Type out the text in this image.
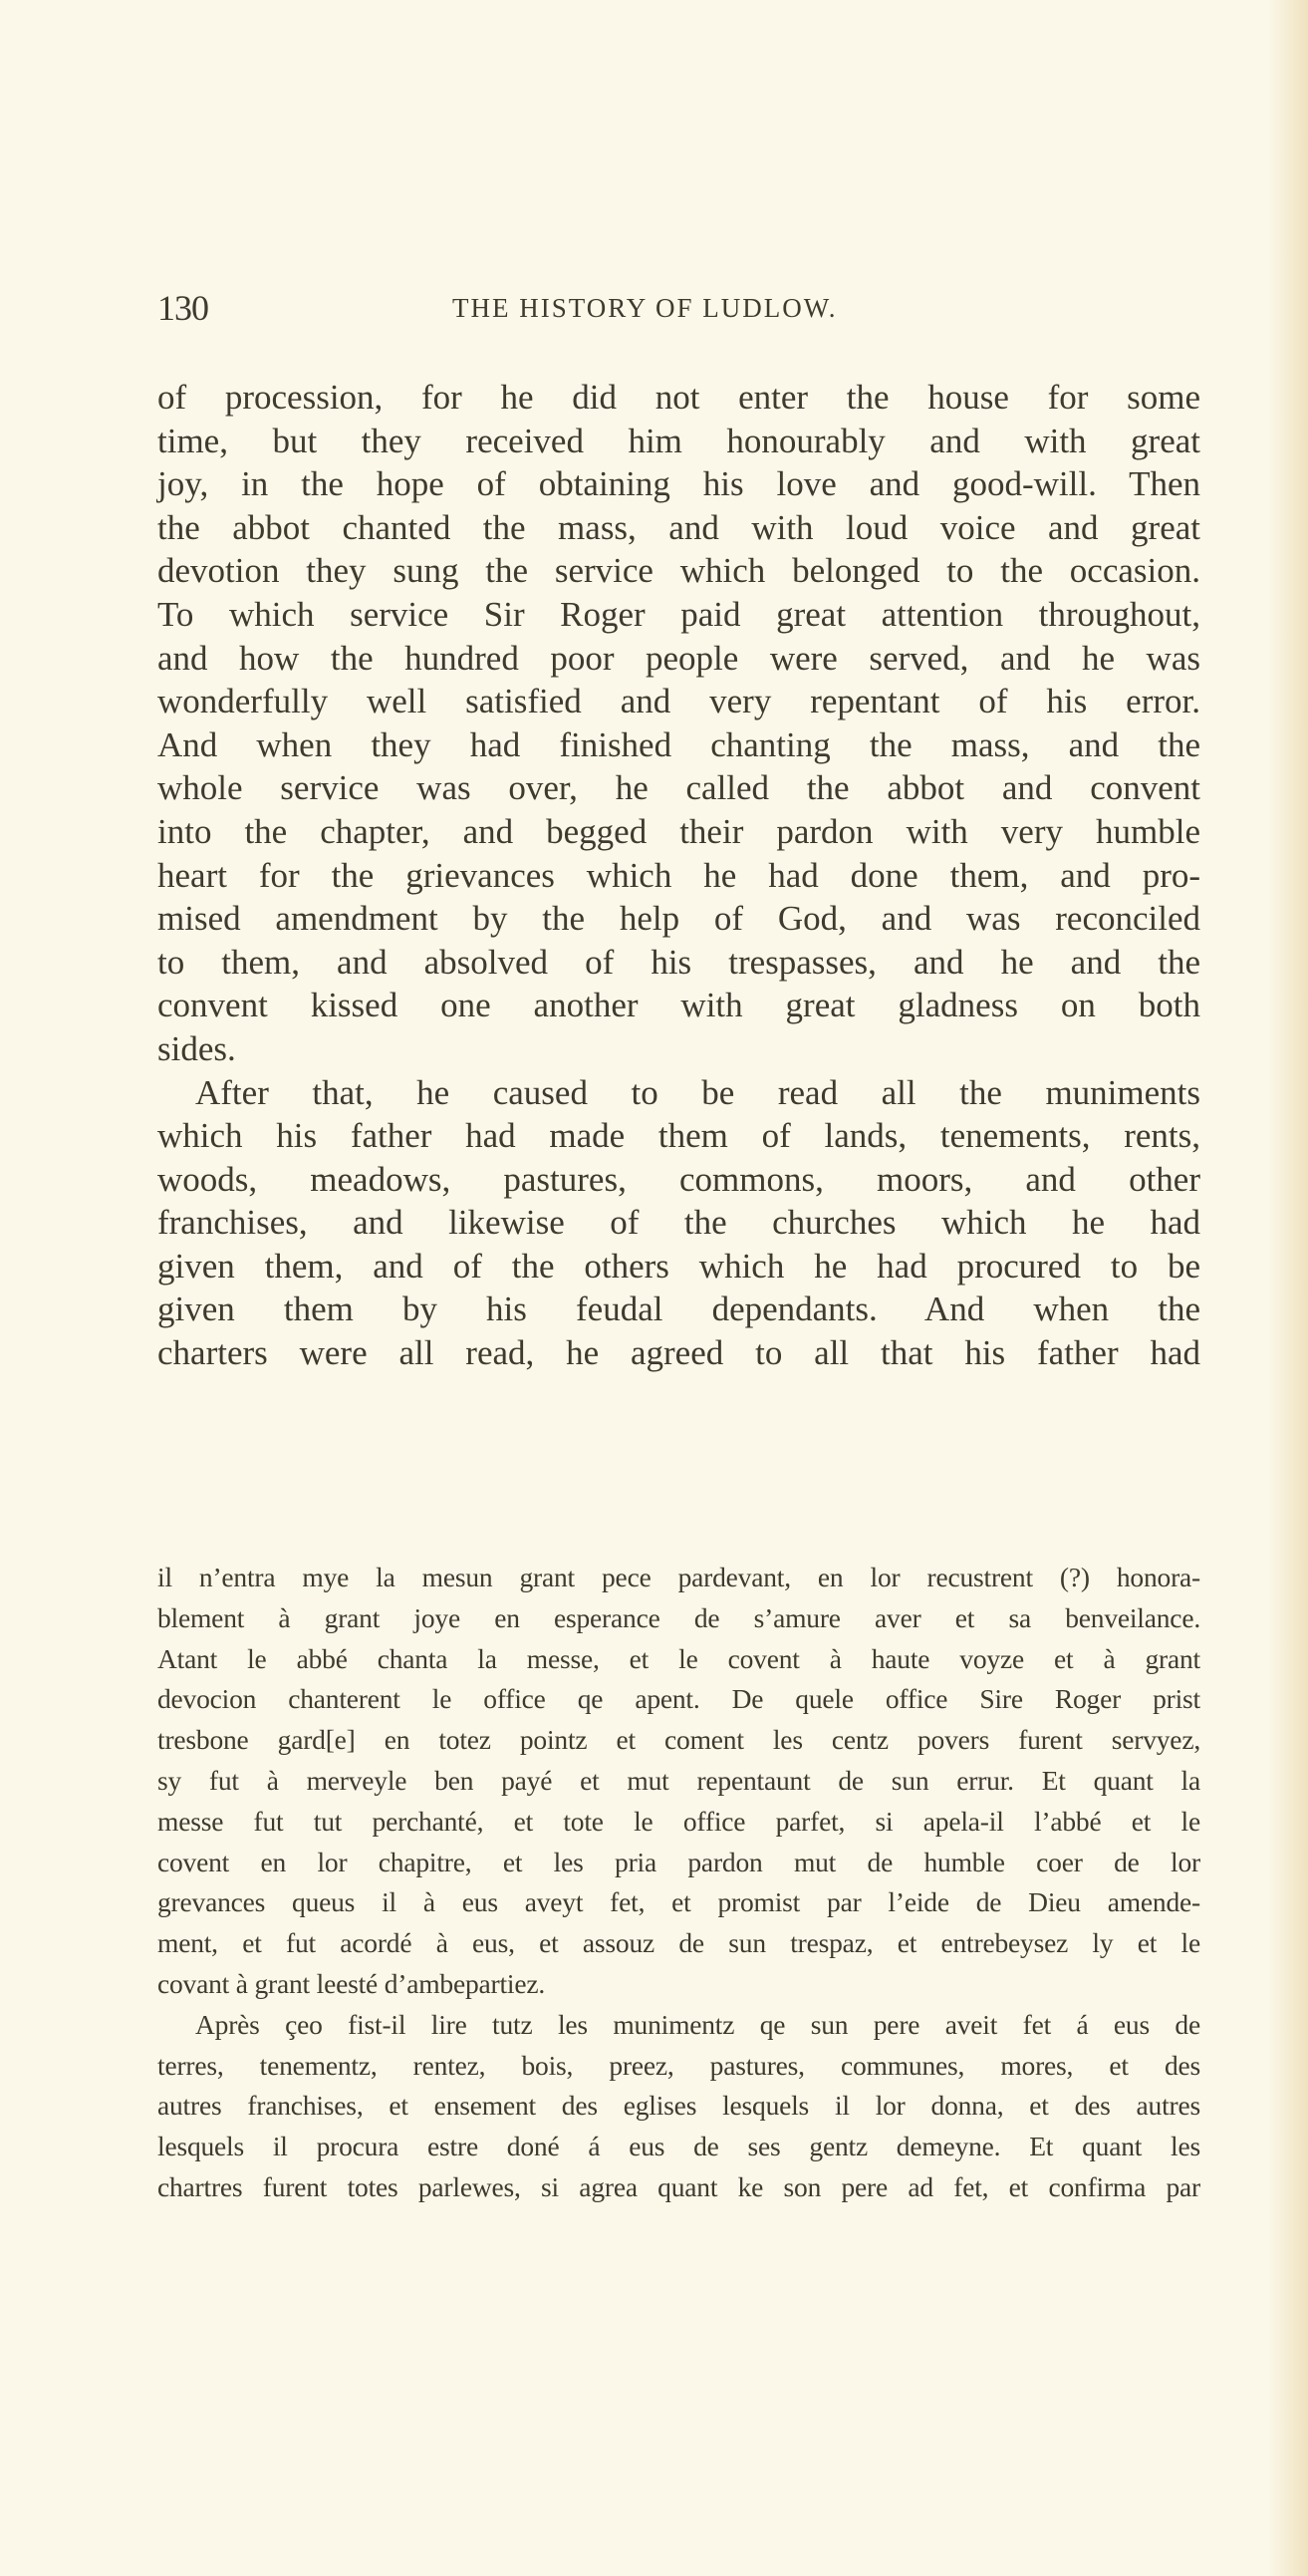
130	THE HISTORY OF LUDLOW.
of procession, for he did not enter the house for some
time, but they received him honourably and with great
joy, in the hope of obtaining his love and good-will. Then
the abbot chanted the mass, and with loud voice and great
devotion they sung the service which belonged to the occasion.
To which service Sir Roger paid great attention throughout,
and how the hundred poor people were served, and he was
wonderfully well satisfied and very repentant of his error.
And when they had finished chanting the mass, and the
whole service was over, he called the abbot and convent
into the chapter, and begged their pardon with very humble
heart for the grievances which he had done them, and pro-
mised amendment by the help of God, and was reconciled
to them, and absolved of his trespasses, and he and the
convent kissed one another with great gladness on both
sides.
After that, he caused to be read all the muniments
which his father had made them of lands, tenements, rents,
woods, meadows, pastures, commons, moors, and other
franchises, and likewise of the churches which he had
given them, and of the others which he had procured to be
given them by his feudal dependants. And when the
charters were all read, he agreed to all that his father had
il n’entra mye la mesun grant pece pardevant, en lor recustrent (?) honora-
blement à grant joye en esperance de s’amure aver et sa benveilance.
Atant le abbé chanta la messe, et le covent à haute voyze et à grant
devocion chanterent le office qe apent. De quele office Sire Roger prist
tresbone gard[e] en totez pointz et coment les centz povers furent servyez,
sy fut à merveyle ben payé et mut repentaunt de sun errur. Et quant la
messe fut tut perchanté, et tote le office parfet, si apela-il l’abbé et le
covent en lor chapitre, et les pria pardon mut de humble coer de lor
grevances queus il à eus aveyt fet, et promist par l’eide de Dieu amende-
ment, et fut acordé à eus, et assouz de sun trespaz, et entrebeysez ly et le
covant à grant leesté d’ambepartiez.
Après çeo fist-il lire tutz les munimentz qe sun pere aveit fet á eus de
terres, tenementz, rentez, bois, preez, pastures, communes, mores, et des
autres franchises, et ensement des eglises lesquels il lor donna, et des autres
lesquels il procura estre doné á eus de ses gentz demeyne. Et quant les
chartres furent totes parlewes, si agrea quant ke son pere ad fet, et confirma par
